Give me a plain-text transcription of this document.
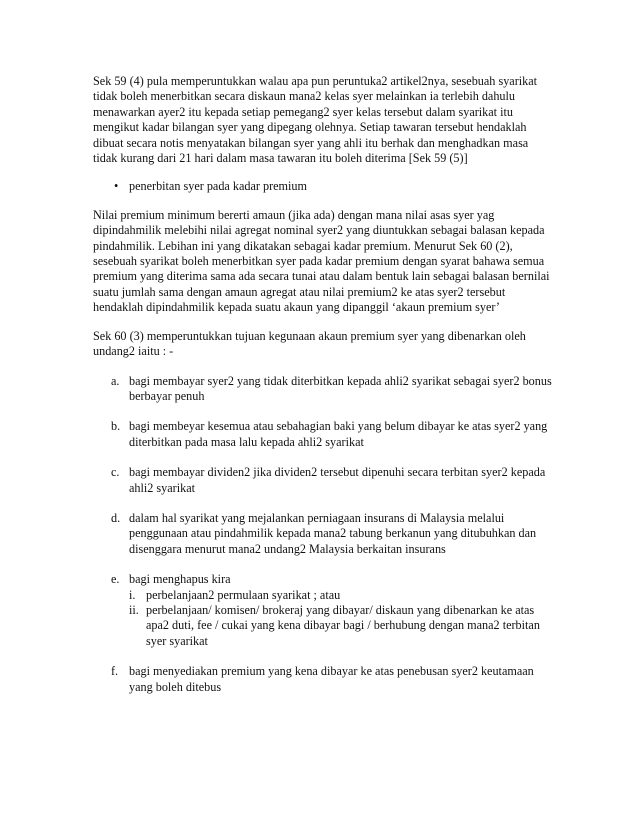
Sek 59 (4) pula memperuntukkan walau apa pun peruntuka2 artikel2nya, sesebuah syarikat tidak boleh menerbitkan secara diskaun mana2 kelas syer melainkan ia terlebih dahulu menawarkan ayer2 itu kepada setiap pemegang2 syer kelas tersebut dalam syarikat itu mengikut kadar bilangan syer yang dipegang olehnya. Setiap tawaran tersebut hendaklah dibuat secara notis menyatakan bilangan syer yang ahli itu berhak dan menghadkan masa tidak kurang dari 21 hari dalam masa tawaran itu boleh diterima [Sek 59 (5)]

• penerbitan syer pada kadar premium

Nilai premium minimum bererti amaun (jika ada) dengan mana nilai asas syer yag dipindahmilik melebihi nilai agregat nominal syer2 yang diuntukkan sebagai balasan kepada pindahmilik. Lebihan ini yang dikatakan sebagai kadar premium. Menurut Sek 60 (2), sesebuah syarikat boleh menerbitkan syer pada kadar premium dengan syarat bahawa semua premium yang diterima sama ada secara tunai atau dalam bentuk lain sebagai balasan bernilai suatu jumlah sama dengan amaun agregat atau nilai premium2 ke atas syer2 tersebut hendaklah dipindahmilik kepada suatu akaun yang dipanggil ‘akaun premium syer’

Sek 60 (3) memperuntukkan tujuan kegunaan akaun premium syer yang dibenarkan oleh undang2 iaitu : -

a. bagi membayar syer2 yang tidak diterbitkan kepada ahli2 syarikat sebagai syer2 bonus berbayar penuh
b. bagi membeyar kesemua atau sebahagian baki yang belum dibayar ke atas syer2 yang diterbitkan pada masa lalu kepada ahli2 syarikat
c. bagi membayar dividen2 jika dividen2 tersebut dipenuhi secara terbitan syer2 kepada ahli2 syarikat
d. dalam hal syarikat yang mejalankan perniagaan insurans di Malaysia melalui penggunaan atau pindahmilik kepada mana2 tabung berkanun yang ditubuhkan dan disenggara menurut mana2 undang2 Malaysia berkaitan insurans
e. bagi menghapus kira
i. perbelanjaan2 permulaan syarikat ; atau
ii. perbelanjaan/ komisen/ brokeraj yang dibayar/ diskaun yang dibenarkan ke atas apa2 duti, fee / cukai yang kena dibayar bagi / berhubung dengan mana2 terbitan syer syarikat
f. bagi menyediakan premium yang kena dibayar ke atas penebusan syer2 keutamaan yang boleh ditebus
